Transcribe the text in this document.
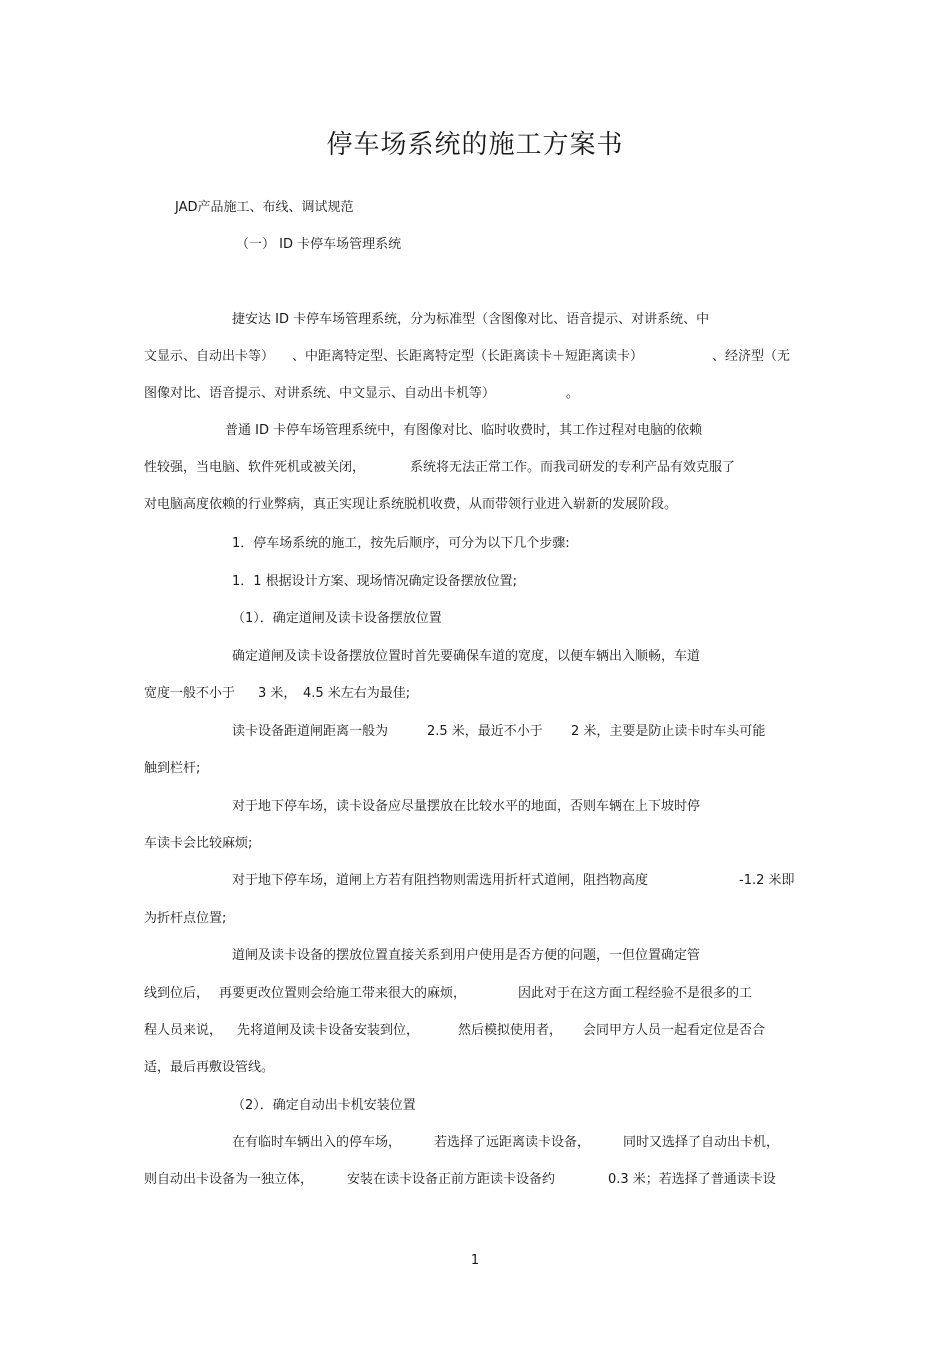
停车场系统的施工方案书
JAD产品施工、布线、调试规范
（一） ID 卡停车场管理系统
捷安达 ID 卡停车场管理系统，分为标准型（含图像对比、语音提示、对讲系统、中
文显示、自动出卡等） 、中距离特定型、长距离特定型（长距离读卡＋短距离读卡）	、经济型（无
图像对比、语音提示、对讲系统、中文显示、自动出卡机等）	。
普通 ID 卡停车场管理系统中，有图像对比、临时收费时，其工作过程对电脑的依赖
性较强，当电脑、软件死机或被关闭，	系统将无法正常工作。而我司研发的专利产品有效克服了
对电脑高度依赖的行业弊病，真正实现让系统脱机收费，从而带领行业进入崭新的发展阶段。
1．停车场系统的施工，按先后顺序，可分为以下几个步骤:
1．1 根据设计方案、现场情况确定设备摆放位置;
（1）．确定道闸及读卡设备摆放位置
确定道闸及读卡设备摆放位置时首先要确保车道的宽度，以便车辆出入顺畅，车道
宽度一般不小于 3 米， 4.5 米左右为最佳;
读卡设备距道闸距离一般为	2.5 米，最近不小于 2 米，主要是防止读卡时车头可能
触到栏杆;
对于地下停车场，读卡设备应尽量摆放在比较水平的地面，否则车辆在上下坡时停
车读卡会比较麻烦;
对于地下停车场，道闸上方若有阻挡物则需选用折杆式道闸，阻挡物高度	-1.2 米即
为折杆点位置;
道闸及读卡设备的摆放位置直接关系到用户使用是否方便的问题，一但位置确定管
线到位后， 再要更改位置则会给施工带来很大的麻烦，	因此对于在这方面工程经验不是很多的工
程人员来说， 先将道闸及读卡设备安装到位，	然后模拟使用者， 会同甲方人员一起看定位是否合
适，最后再敷设管线。
（2）．确定自动出卡机安装位置
在有临时车辆出入的停车场，	若选择了远距离读卡设备，	同时又选择了自动出卡机，
则自动出卡设备为一独立体，	安装在读卡设备正前方距读卡设备约	0.3 米；若选择了普通读卡设
1
